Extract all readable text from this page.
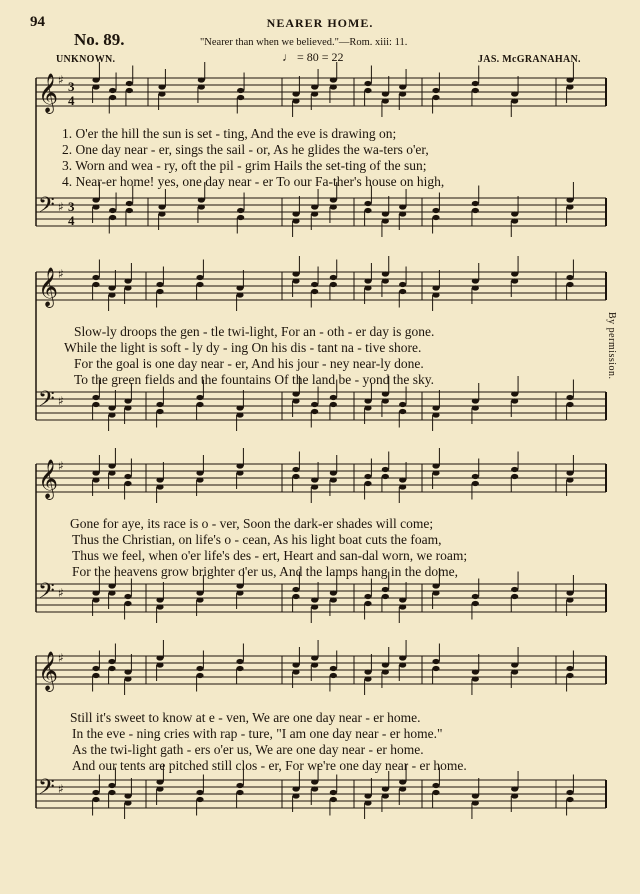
94	NEARER HOME.
No. 89.	"Nearer than when we believed."—Rom. xiii: 11.
UNKNOWN.	JAS. McGRANAHAN.
♩ = 80 = 22
By permission.
𝄞 ♯ 3
4
𝄢 ♯ 3
4
𝄞 ♯
𝄢 ♯
𝄞 ♯
𝄢 ♯
𝄞 ♯
𝄢 ♯
1. O'er the hill the sun is set - ting, And the eve is drawing on;
2. One day near - er, sings the sail - or, As he glides the wa-ters o'er,
3. Worn and wea - ry, oft the pil - grim Hails the set-ting of the sun;
4. Near-er home! yes, one day near - er To our Fa-ther's house on high,
Slow-ly droops the gen - tle twi-light, For an - oth - er day is gone.
While the light is soft - ly dy - ing On his dis - tant na - tive shore.
For the goal is one day near - er, And his jour - ney near-ly done.
To the green fields and the fountains Of the land be - yond the sky.
Gone for aye, its race is o - ver, Soon the dark-er shades will come;
Thus the Christian, on life's o - cean, As his light boat cuts the foam,
Thus we feel, when o'er life's des - ert, Heart and san-dal worn, we roam;
For the heavens grow brighter o'er us, And the lamps hang in the dome,
Still it's sweet to know at e - ven, We are one day near - er home.
In the eve - ning cries with rap - ture, "I am one day near - er home."
As the twi-light gath - ers o'er us, We are one day near - er home.
And our tents are pitched still clos - er, For we're one day near - er home.
